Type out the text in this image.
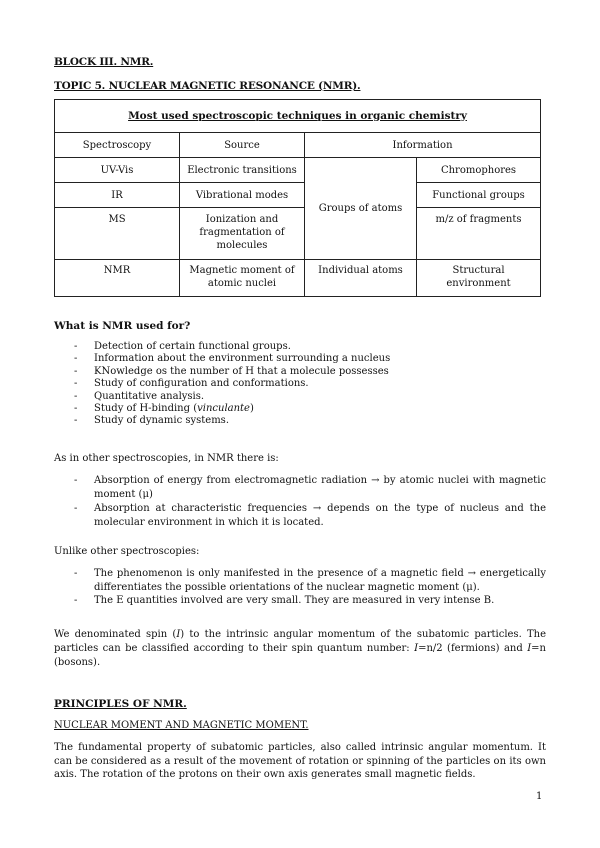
BLOCK III. NMR.
TOPIC 5. NUCLEAR MAGNETIC RESONANCE (NMR).
Most used spectroscopic techniques in organic chemistry			
Spectroscopy	Source	Information	
UV-Vis	Electronic transitions	Groups of atoms	Chromophores
IR	Vibrational modes		Functional groups
MS	Ionization and fragmentation of molecules		m/z of fragments
NMR	Magnetic moment of atomic nuclei	Individual atoms	Structural environment
What is NMR used for?
- Detection of certain functional groups.
- Information about the environment surrounding a nucleus
- KNowledge os the number of H that a molecule possesses
- Study of configuration and conformations.
- Quantitative analysis.
- Study of H-binding (vinculante)
- Study of dynamic systems.
As in other spectroscopies, in NMR there is:
- Absorption of energy from electromagnetic radiation → by atomic nuclei with magnetic moment (μ)
- Absorption at characteristic frequencies → depends on the type of nucleus and the molecular environment in which it is located.
Unlike other spectroscopies:
- The phenomenon is only manifested in the presence of a magnetic field → energetically differentiates the possible orientations of the nuclear magnetic moment (μ).
- The E quantities involved are very small. They are measured in very intense B.
We denominated spin (I) to the intrinsic angular momentum of the subatomic particles. The particles can be classified according to their spin quantum number: I=n/2 (fermions) and I=n (bosons).
PRINCIPLES OF NMR.
NUCLEAR MOMENT AND MAGNETIC MOMENT.
The fundamental property of subatomic particles, also called intrinsic angular momentum. It can be considered as a result of the movement of rotation or spinning of the particles on its own axis. The rotation of the protons on their own axis generates small magnetic fields.
1
